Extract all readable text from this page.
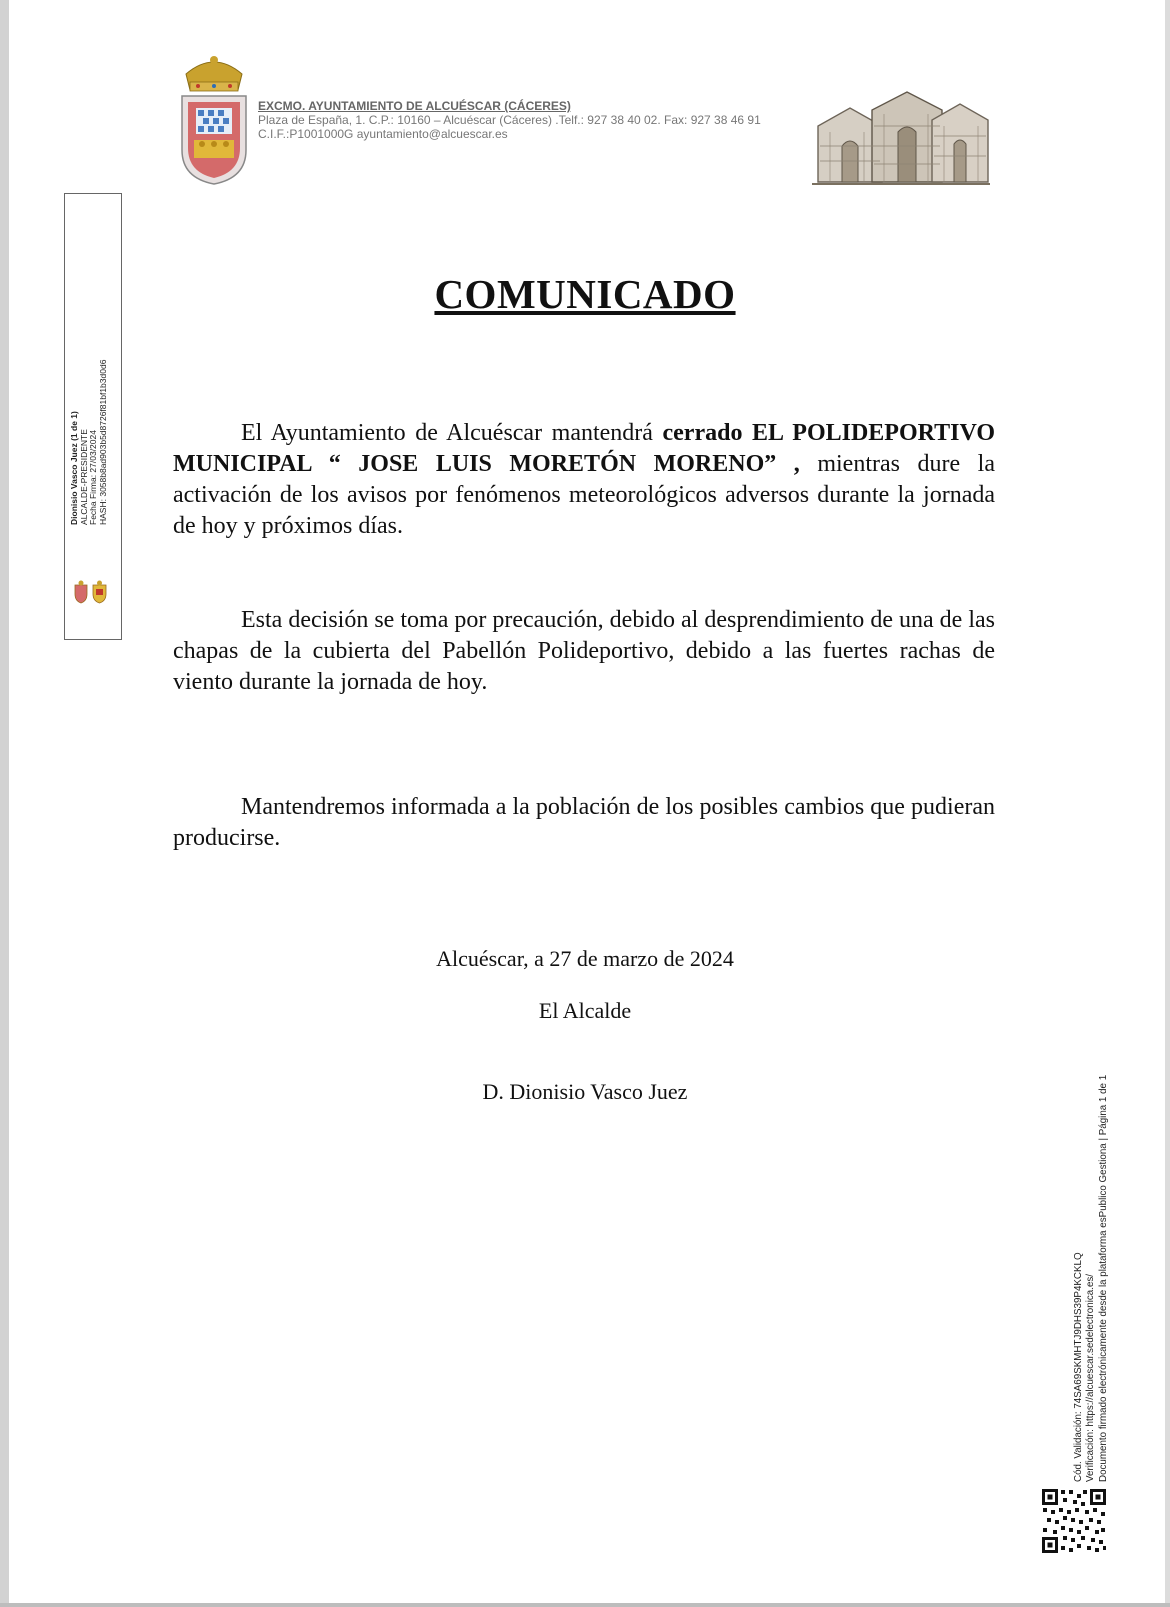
EXCMO. AYUNTAMIENTO DE ALCUÉSCAR (CÁCERES)
Plaza de España, 1. C.P.: 10160 – Alcuéscar (Cáceres) .Telf.: 927 38 40 02. Fax: 927 38 46 91
C.I.F.:P1001000G ayuntamiento@alcuescar.es
Dionisio Vasco Juez (1 de 1) ALCALDE-PRESIDENTE Fecha Firma: 27/03/2024 HASH: 3058b8ad903b5d8726f81bf1b3d0d6
COMUNICADO

El Ayuntamiento de Alcuéscar mantendrá cerrado EL POLIDEPORTIVO MUNICIPAL “ JOSE LUIS MORETÓN MORENO” , mientras dure la activación de los avisos por fenómenos meteorológicos adversos durante la jornada de hoy y próximos días.

Esta decisión se toma por precaución, debido al desprendimiento de una de las chapas de la cubierta del Pabellón Polideportivo, debido a las fuertes rachas de viento durante la jornada de hoy.

Mantendremos informada a la población de los posibles cambios que pudieran producirse.

Alcuéscar, a 27 de marzo de 2024
El Alcalde
D. Dionisio Vasco Juez
Cód. Validación: 74SA69SKMHTJ9DHS39P4KCKLQ Verificación: https://alcuescar.sedelectronica.es/ Documento firmado electrónicamente desde la plataforma esPublico Gestiona | Página 1 de 1
